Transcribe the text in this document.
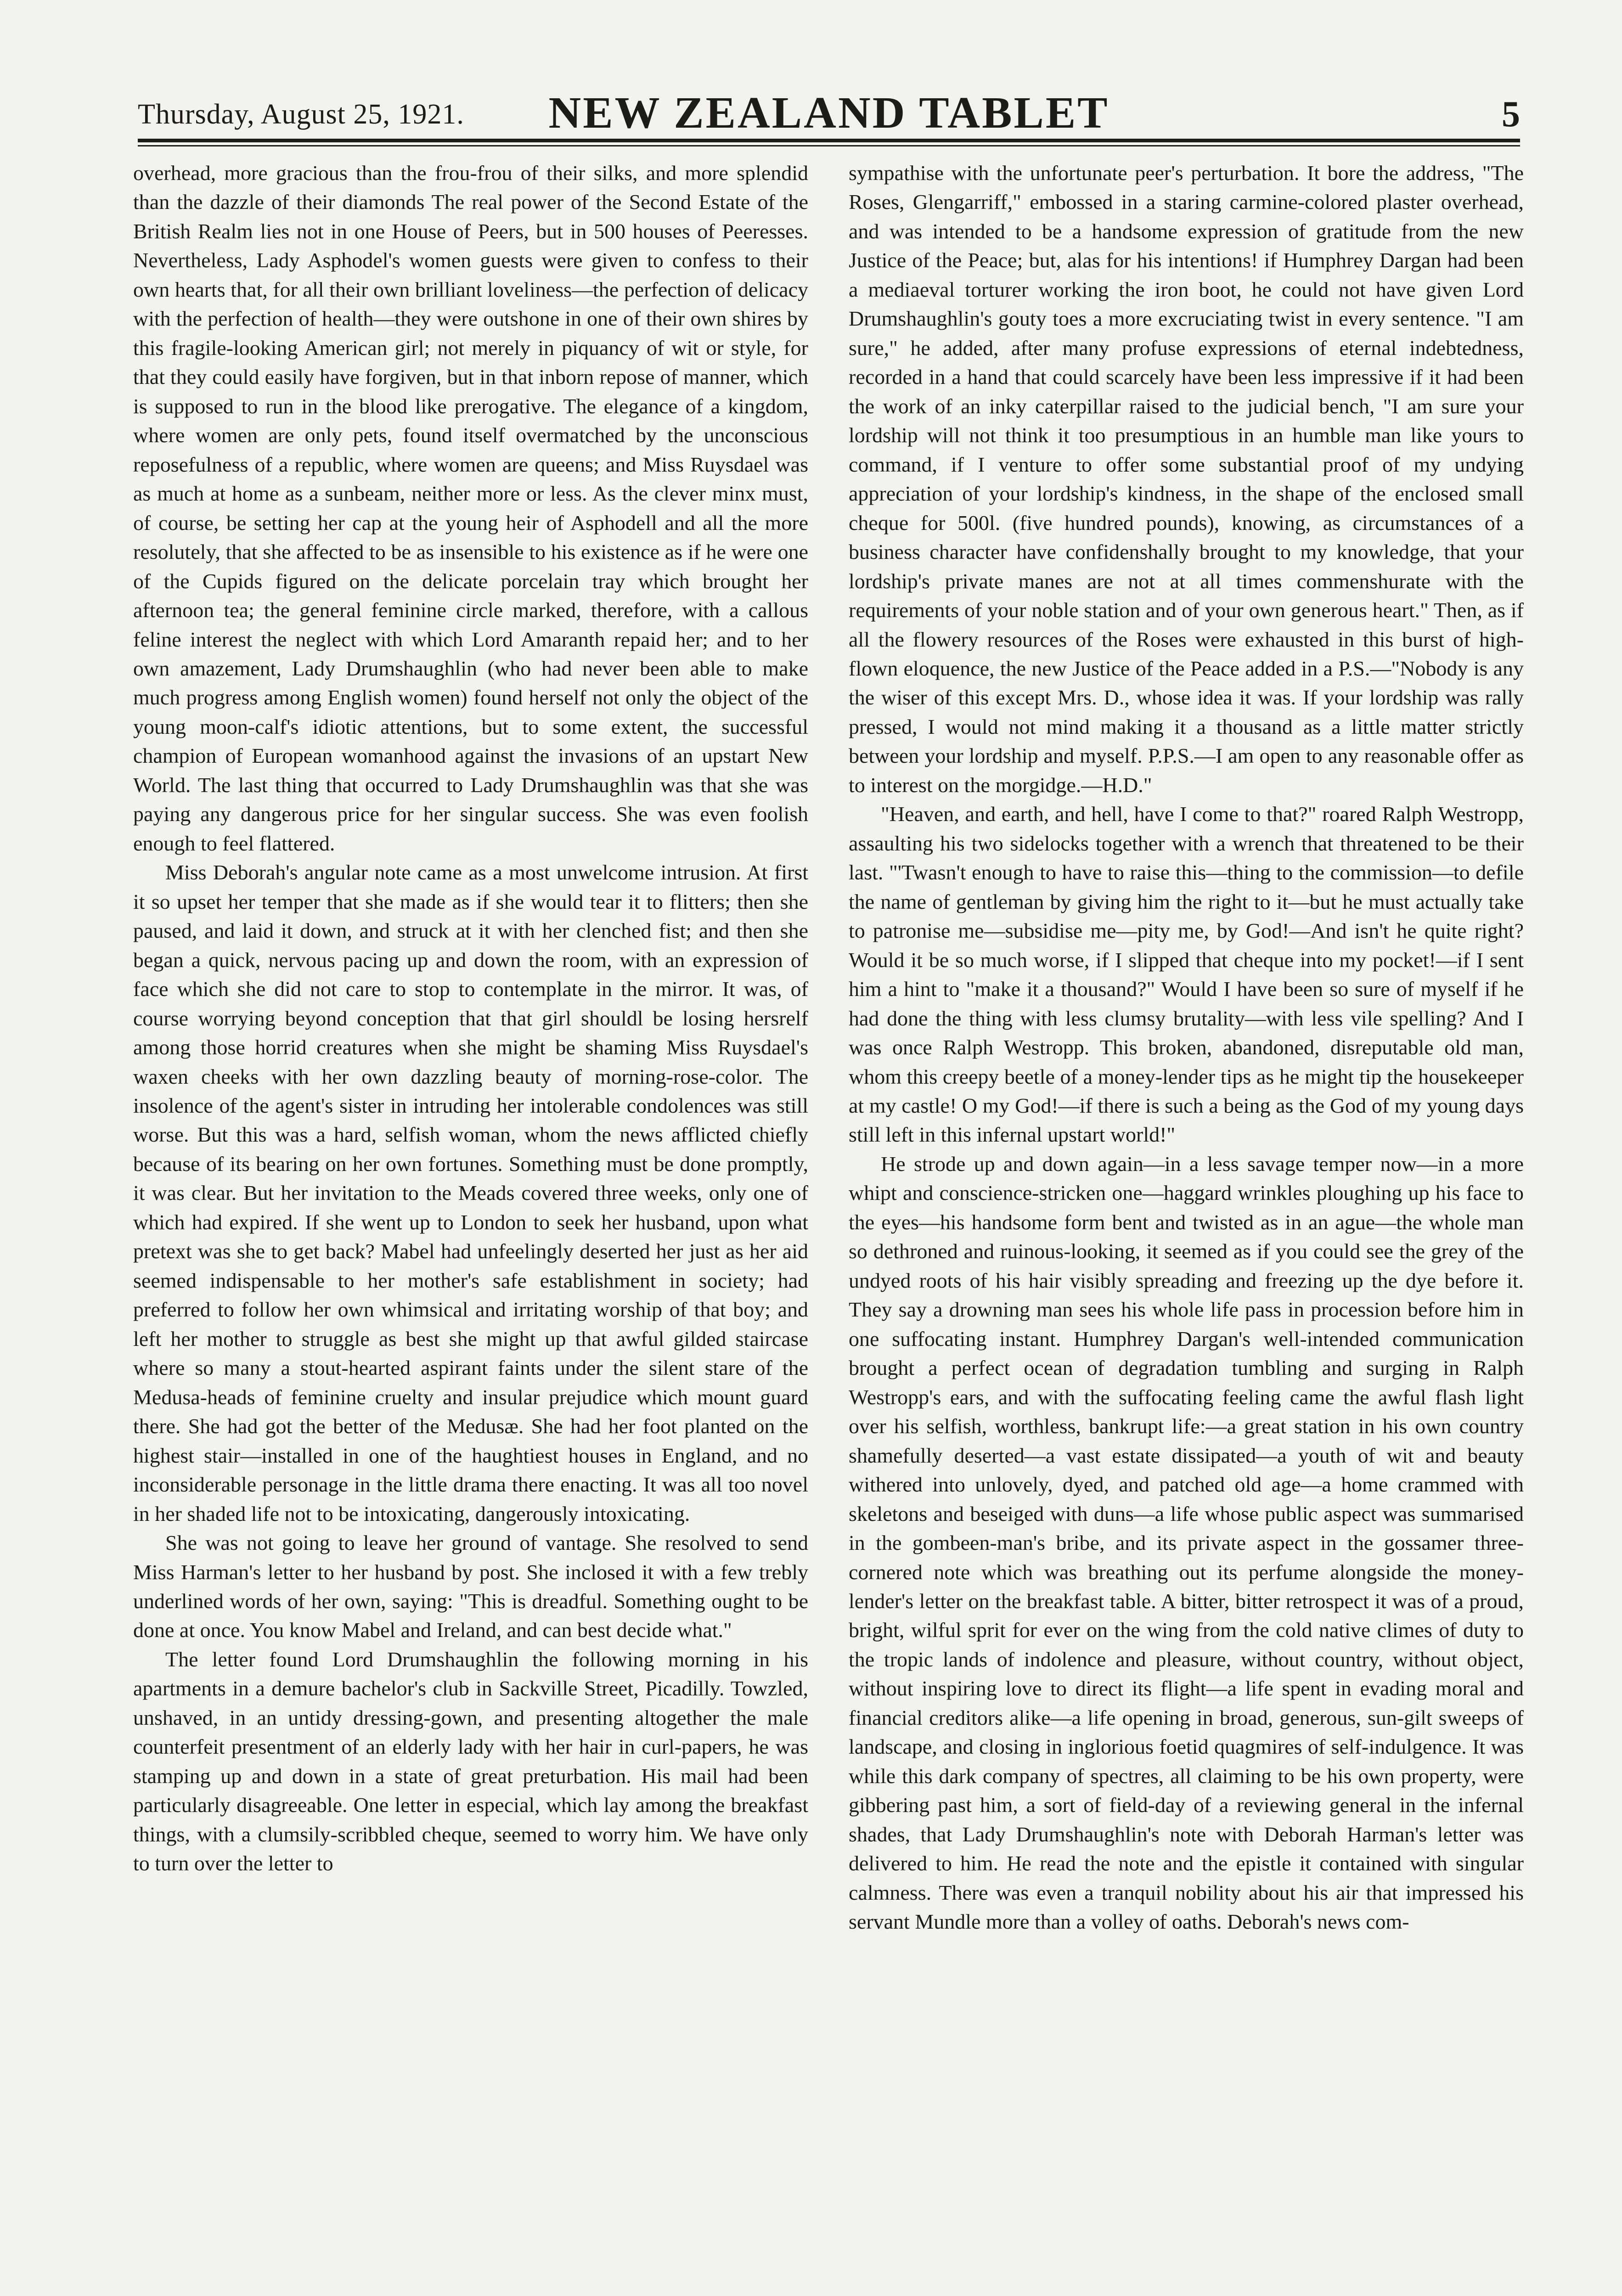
Thursday, August 25, 1921.	NEW ZEALAND TABLET	5

overhead, more gracious than the frou-frou of their silks, and more splendid than the dazzle of their diamonds The real power of the Second Estate of the British Realm lies not in one House of Peers, but in 500 houses of Peeresses. Nevertheless, Lady Asphodel's women guests were given to confess to their own hearts that, for all their own brilliant loveliness—the perfection of delicacy with the perfection of health—they were outshone in one of their own shires by this fragile-looking American girl; not merely in piquancy of wit or style, for that they could easily have forgiven, but in that inborn repose of manner, which is supposed to run in the blood like prerogative. The elegance of a kingdom, where women are only pets, found itself overmatched by the unconscious reposefulness of a republic, where women are queens; and Miss Ruysdael was as much at home as a sunbeam, neither more or less. As the clever minx must, of course, be setting her cap at the young heir of Asphodell and all the more resolutely, that she affected to be as insensible to his existence as if he were one of the Cupids figured on the delicate porcelain tray which brought her afternoon tea; the general feminine circle marked, therefore, with a callous feline interest the neglect with which Lord Amaranth repaid her; and to her own amazement, Lady Drumshaughlin (who had never been able to make much progress among English women) found herself not only the object of the young moon-calf's idiotic attentions, but to some extent, the successful champion of European womanhood against the invasions of an upstart New World. The last thing that occurred to Lady Drumshaughlin was that she was paying any dangerous price for her singular success. She was even foolish enough to feel flattered.

Miss Deborah's angular note came as a most unwelcome intrusion. At first it so upset her temper that she made as if she would tear it to flitters; then she paused, and laid it down, and struck at it with her clenched fist; and then she began a quick, nervous pacing up and down the room, with an expression of face which she did not care to stop to contemplate in the mirror. It was, of course worrying beyond conception that that girl shouldl be losing hersrelf among those horrid creatures when she might be shaming Miss Ruysdael's waxen cheeks with her own dazzling beauty of morning-rose-color. The insolence of the agent's sister in intruding her intolerable condolences was still worse. But this was a hard, selfish woman, whom the news afflicted chiefly because of its bearing on her own fortunes. Something must be done promptly, it was clear. But her invitation to the Meads covered three weeks, only one of which had expired. If she went up to London to seek her husband, upon what pretext was she to get back? Mabel had unfeelingly deserted her just as her aid seemed indispensable to her mother's safe establishment in society; had preferred to follow her own whimsical and irritating worship of that boy; and left her mother to struggle as best she might up that awful gilded staircase where so many a stout-hearted aspirant faints under the silent stare of the Medusa-heads of feminine cruelty and insular prejudice which mount guard there. She had got the better of the Medusæ. She had her foot planted on the highest stair—installed in one of the haughtiest houses in England, and no inconsiderable personage in the little drama there enacting. It was all too novel in her shaded life not to be intoxicating, dangerously intoxicating.

She was not going to leave her ground of vantage. She resolved to send Miss Harman's letter to her husband by post. She inclosed it with a few trebly underlined words of her own, saying: "This is dreadful. Something ought to be done at once. You know Mabel and Ireland, and can best decide what."

The letter found Lord Drumshaughlin the following morning in his apartments in a demure bachelor's club in Sackville Street, Picadilly. Towzled, unshaved, in an untidy dressing-gown, and presenting altogether the male counterfeit presentment of an elderly lady with her hair in curl-papers, he was stamping up and down in a state of great preturbation. His mail had been particularly disagreeable. One letter in especial, which lay among the breakfast things, with a clumsily-scribbled cheque, seemed to worry him. We have only to turn over the letter to

sympathise with the unfortunate peer's perturbation. It bore the address, "The Roses, Glengarriff," embossed in a staring carmine-colored plaster overhead, and was intended to be a handsome expression of gratitude from the new Justice of the Peace; but, alas for his intentions! if Humphrey Dargan had been a mediaeval torturer working the iron boot, he could not have given Lord Drumshaughlin's gouty toes a more excruciating twist in every sentence. "I am sure," he added, after many profuse expressions of eternal indebtedness, recorded in a hand that could scarcely have been less impressive if it had been the work of an inky caterpillar raised to the judicial bench, "I am sure your lordship will not think it too presumptious in an humble man like yours to command, if I venture to offer some substantial proof of my undying appreciation of your lordship's kindness, in the shape of the enclosed small cheque for 500l. (five hundred pounds), knowing, as circumstances of a business character have confidenshally brought to my knowledge, that your lordship's private manes are not at all times commenshurate with the requirements of your noble station and of your own generous heart." Then, as if all the flowery resources of the Roses were exhausted in this burst of high-flown eloquence, the new Justice of the Peace added in a P.S.—"Nobody is any the wiser of this except Mrs. D., whose idea it was. If your lordship was rally pressed, I would not mind making it a thousand as a little matter strictly between your lordship and myself. P.P.S.—I am open to any reasonable offer as to interest on the morgidge.—H.D."

"Heaven, and earth, and hell, have I come to that?" roared Ralph Westropp, assaulting his two sidelocks together with a wrench that threatened to be their last. "'Twasn't enough to have to raise this—thing to the commission—to defile the name of gentleman by giving him the right to it—but he must actually take to patronise me—subsidise me—pity me, by God!—And isn't he quite right? Would it be so much worse, if I slipped that cheque into my pocket!—if I sent him a hint to "make it a thousand?" Would I have been so sure of myself if he had done the thing with less clumsy brutality—with less vile spelling? And I was once Ralph Westropp. This broken, abandoned, disreputable old man, whom this creepy beetle of a money-lender tips as he might tip the housekeeper at my castle! O my God!—if there is such a being as the God of my young days still left in this infernal upstart world!"

He strode up and down again—in a less savage temper now—in a more whipt and conscience-stricken one—haggard wrinkles ploughing up his face to the eyes—his handsome form bent and twisted as in an ague—the whole man so dethroned and ruinous-looking, it seemed as if you could see the grey of the undyed roots of his hair visibly spreading and freezing up the dye before it. They say a drowning man sees his whole life pass in procession before him in one suffocating instant. Humphrey Dargan's well-intended communication brought a perfect ocean of degradation tumbling and surging in Ralph Westropp's ears, and with the suffocating feeling came the awful flash light over his selfish, worthless, bankrupt life:—a great station in his own country shamefully deserted—a vast estate dissipated—a youth of wit and beauty withered into unlovely, dyed, and patched old age—a home crammed with skeletons and beseiged with duns—a life whose public aspect was summarised in the gombeen-man's bribe, and its private aspect in the gossamer three-cornered note which was breathing out its perfume alongside the money-lender's letter on the breakfast table. A bitter, bitter retrospect it was of a proud, bright, wilful sprit for ever on the wing from the cold native climes of duty to the tropic lands of indolence and pleasure, without country, without object, without inspiring love to direct its flight—a life spent in evading moral and financial creditors alike—a life opening in broad, generous, sun-gilt sweeps of landscape, and closing in inglorious foetid quagmires of self-indulgence. It was while this dark company of spectres, all claiming to be his own property, were gibbering past him, a sort of field-day of a reviewing general in the infernal shades, that Lady Drumshaughlin's note with Deborah Harman's letter was delivered to him. He read the note and the epistle it contained with singular calmness. There was even a tranquil nobility about his air that impressed his servant Mundle more than a volley of oaths. Deborah's news com-
